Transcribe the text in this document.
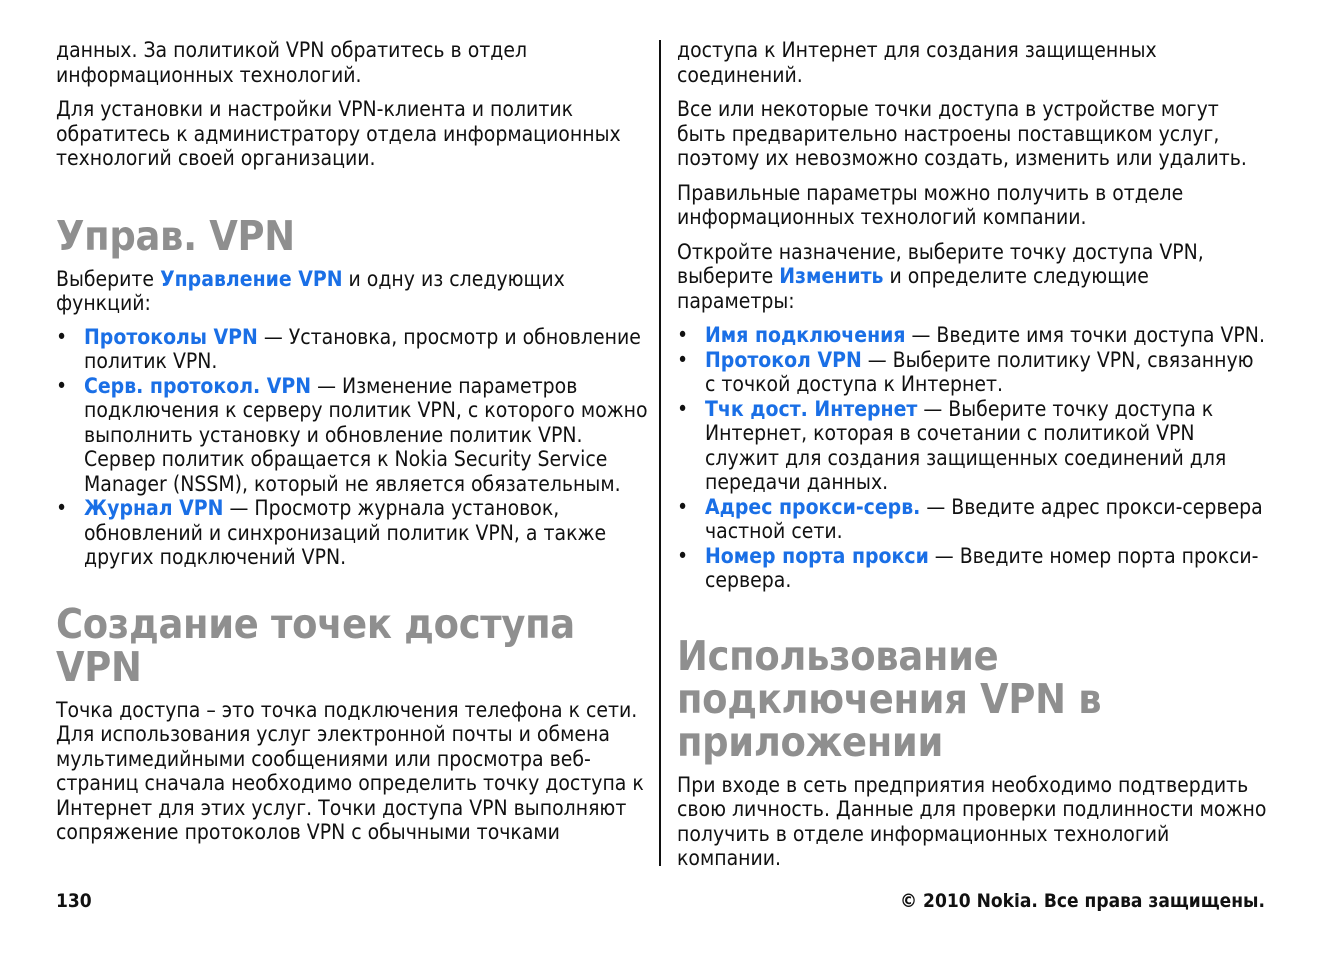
данных. За политикой VPN обратитесь в отдел информационных технологий.

Для установки и настройки VPN-клиента и политик обратитесь к администратору отдела информационных технологий своей организации.

Управ. VPN

Выберите Управление VPN и одну из следующих функций:

• Протоколы VPN — Установка, просмотр и обновление политик VPN.
• Серв. протокол. VPN — Изменение параметров подключения к серверу политик VPN, с которого можно выполнить установку и обновление политик VPN. Сервер политик обращается к Nokia Security Service Manager (NSSM), который не является обязательным.
• Журнал VPN — Просмотр журнала установок, обновлений и синхронизаций политик VPN, а также других подключений VPN.
Создание точек доступа VPN

Точка доступа – это точка подключения телефона к сети. Для использования услуг электронной почты и обмена мультимедийными сообщениями или просмотра веб-страниц сначала необходимо определить точку доступа к Интернет для этих услуг. Точки доступа VPN выполняют сопряжение протоколов VPN с обычными точками

доступа к Интернет для создания защищенных соединений.

Все или некоторые точки доступа в устройстве могут быть предварительно настроены поставщиком услуг, поэтому их невозможно создать, изменить или удалить.

Правильные параметры можно получить в отделе информационных технологий компании.

Откройте назначение, выберите точку доступа VPN, выберите Изменить и определите следующие параметры:

• Имя подключения — Введите имя точки доступа VPN.
• Протокол VPN — Выберите политику VPN, связанную с точкой доступа к Интернет.
• Тчк дост. Интернет — Выберите точку доступа к Интернет, которая в сочетании с политикой VPN служит для создания защищенных соединений для передачи данных.
• Адрес прокси-серв. — Введите адрес прокси-сервера частной сети.
• Номер порта прокси — Введите номер порта прокси-сервера.
Использование подключения VPN в приложении

При входе в сеть предприятия необходимо подтвердить свою личность. Данные для проверки подлинности можно получить в отделе информационных технологий компании.

130	© 2010 Nokia. Все права защищены.
